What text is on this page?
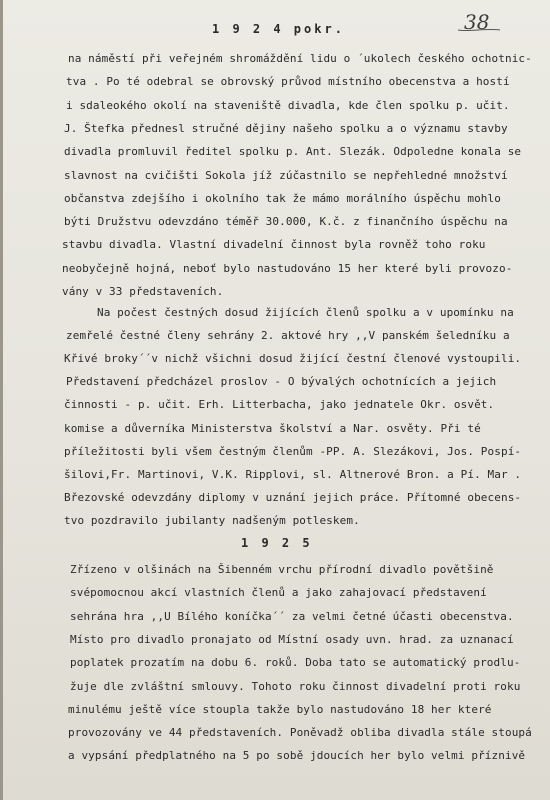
1 9 2 4 pokr.	38
na náměstí při veřejném shromáždění lidu o ´ukolech českého ochotnic-
tva . Po té odebral se obrovský průvod místního obecenstva a hostí
i sdaleokého okolí na staveniště divadla, kde člen spolku p. učit.
J. Štefka přednesl stručné dějiny našeho spolku a o významu stavby
divadla promluvil ředitel spolku p. Ant. Slezák. Odpoledne konala se
slavnost na cvičišti Sokola jíž zúčastnilo se nepřehledné množství
občanstva zdejšího i okolního tak že mámo morálního úspěchu mohlo
býti Družstvu odevzdáno téměř 30.000, K.č. z finančního úspěchu na
stavbu divadla. Vlastní divadelní činnost byla rovněž toho roku
neobyčejně hojná, neboť bylo nastudováno 15 her které byli provozo-
vány v 33 představeních.
Na počest čestných dosud žijících členů spolku a v upomínku na
zemřelé čestné členy sehrány 2. aktové hry ,,V panském šeledníku a
Křivé broky´´v nichž všichni dosud žijící čestní členové vystoupili.
Představení předcházel proslov - O bývalých ochotnících a jejich
činnosti - p. učit. Erh. Litterbacha, jako jednatele Okr. osvět.
komise a důverníka Ministerstva školství a Nar. osvěty. Při té
příležitosti byli všem čestným členům -PP. A. Slezákovi, Jos. Pospí-
šilovi,Fr. Martinovi, V.K. Ripplovi, sl. Altnerové Bron. a Pí. Mar .
Březovské odevzdány diplomy v uznání jejich práce. Přítomné obecens-
tvo pozdravilo jubilanty nadšeným potleskem.
1 9 2 5
Zřízeno v olšinách na Šibenném vrchu přírodní divadlo povětšině
svépomocnou akcí vlastních členů a jako zahajovací představení
sehrána hra ,,U Bílého koníčka´´ za velmi četné účasti obecenstva.
Místo pro divadlo pronajato od Místní osady uvn. hrad. za uznanací
poplatek prozatím na dobu 6. roků. Doba tato se automatický prodlu-
žuje dle zvláštní smlouvy. Tohoto roku činnost divadelní proti roku
minulému ještě více stoupla takže bylo nastudováno 18 her které
provozovány ve 44 představeních. Poněvadž obliba divadla stále stoupá
a vypsání předplatného na 5 po sobě jdoucích her bylo velmi příznivě
